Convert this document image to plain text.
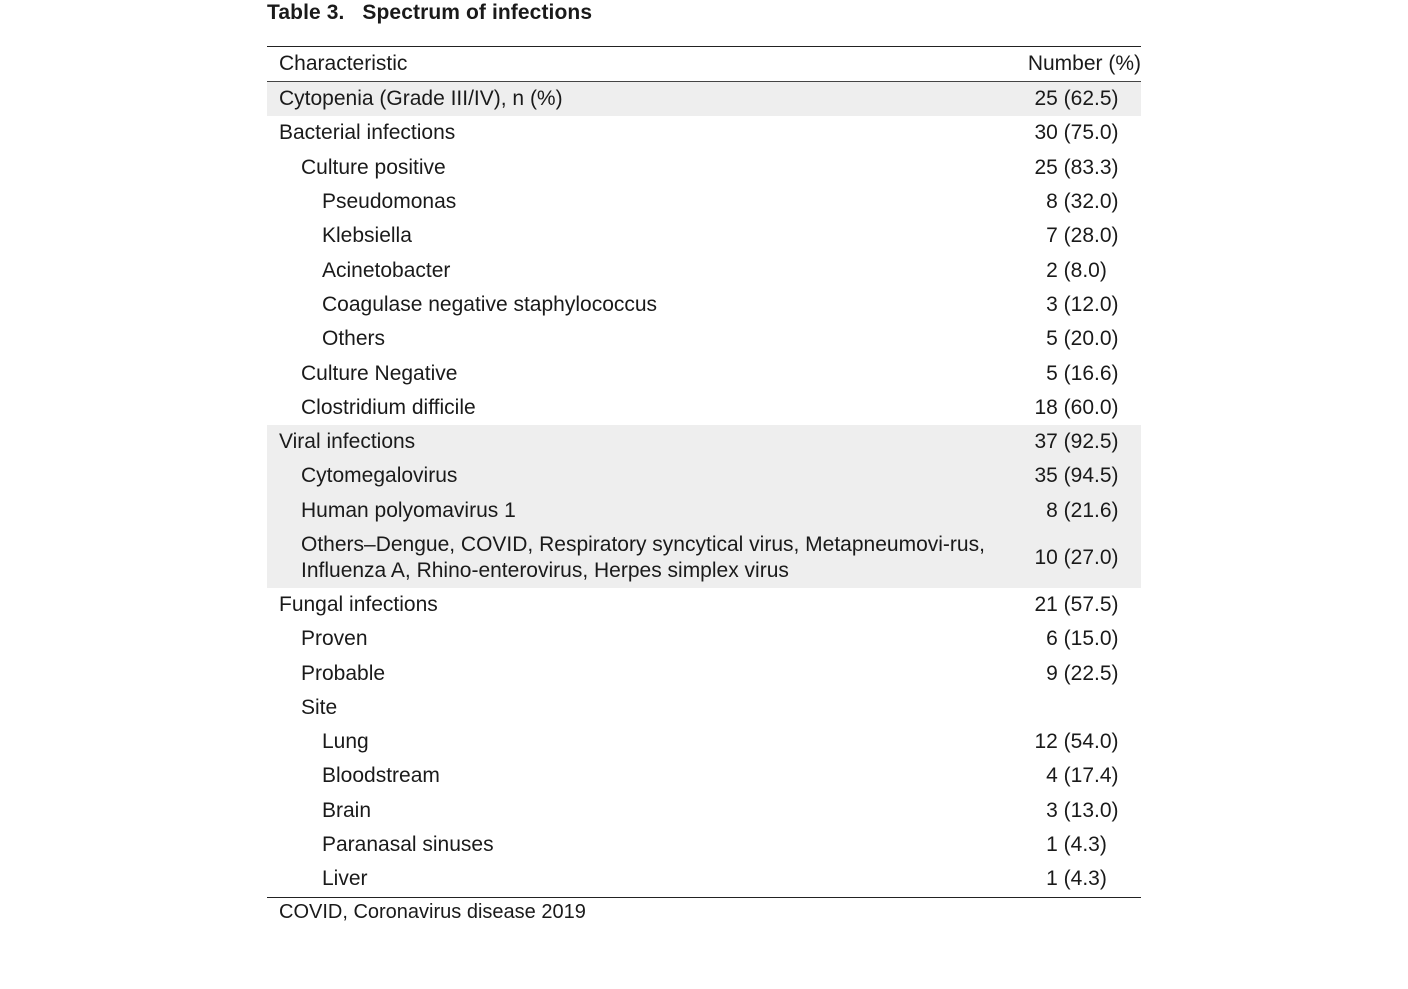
Table 3. Spectrum of infections
Characteristic	Number (%)
Cytopenia (Grade III/IV), n (%)	25 (62.5)
Bacterial infections	30 (75.0)
Culture positive	25 (83.3)
Pseudomonas	8 (32.0)
Klebsiella	7 (28.0)
Acinetobacter	2 (8.0)
Coagulase negative staphylococcus	3 (12.0)
Others	5 (20.0)
Culture Negative	5 (16.6)
Clostridium difficile	18 (60.0)
Viral infections	37 (92.5)
Cytomegalovirus	35 (94.5)
Human polyomavirus 1	8 (21.6)
Others–Dengue, COVID, Respiratory syncytical virus, Metapneumovi-rus, Influenza A, Rhino-enterovirus, Herpes simplex virus	10 (27.0)
Fungal infections	21 (57.5)
Proven	6 (15.0)
Probable	9 (22.5)
Site	
Lung	12 (54.0)
Bloodstream	4 (17.4)
Brain	3 (13.0)
Paranasal sinuses	1 (4.3)
Liver	1 (4.3)
COVID, Coronavirus disease 2019
